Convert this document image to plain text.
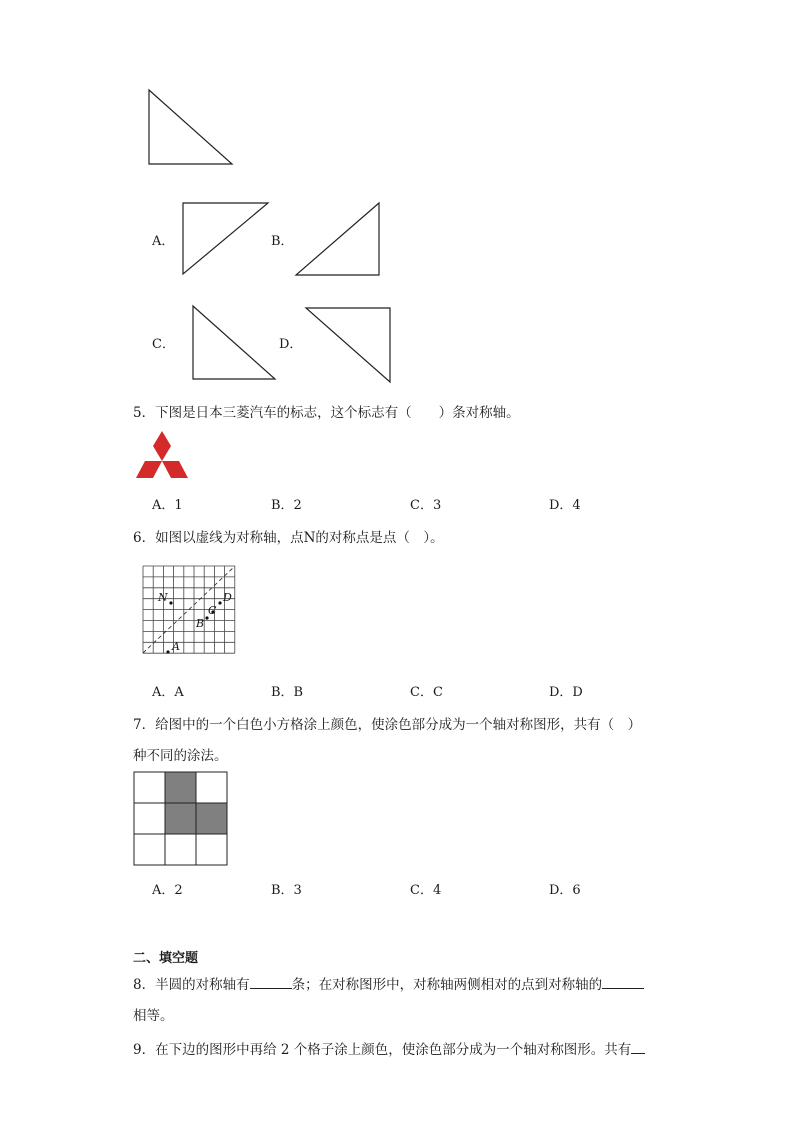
A．	B．
C．	D．
5．下图是日本三菱汽车的标志，这个标志有（　　）条对称轴。
A．1	B．2	C．3	D．4
6．如图以虚线为对称轴，点N的对称点是点（　）。
N
A
B
C
D
A．A	B．B	C．C	D．D
7．给图中的一个白色小方格涂上颜色，使涂色部分成为一个轴对称图形，共有（　）
种不同的涂法。
A．2	B．3	C．4	D．6
二、填空题
8．半圆的对称轴有	条；在对称图形中，对称轴两侧相对的点到对称轴的
相等。
9．在下边的图形中再给 2 个格子涂上颜色，使涂色部分成为一个轴对称图形。共有
